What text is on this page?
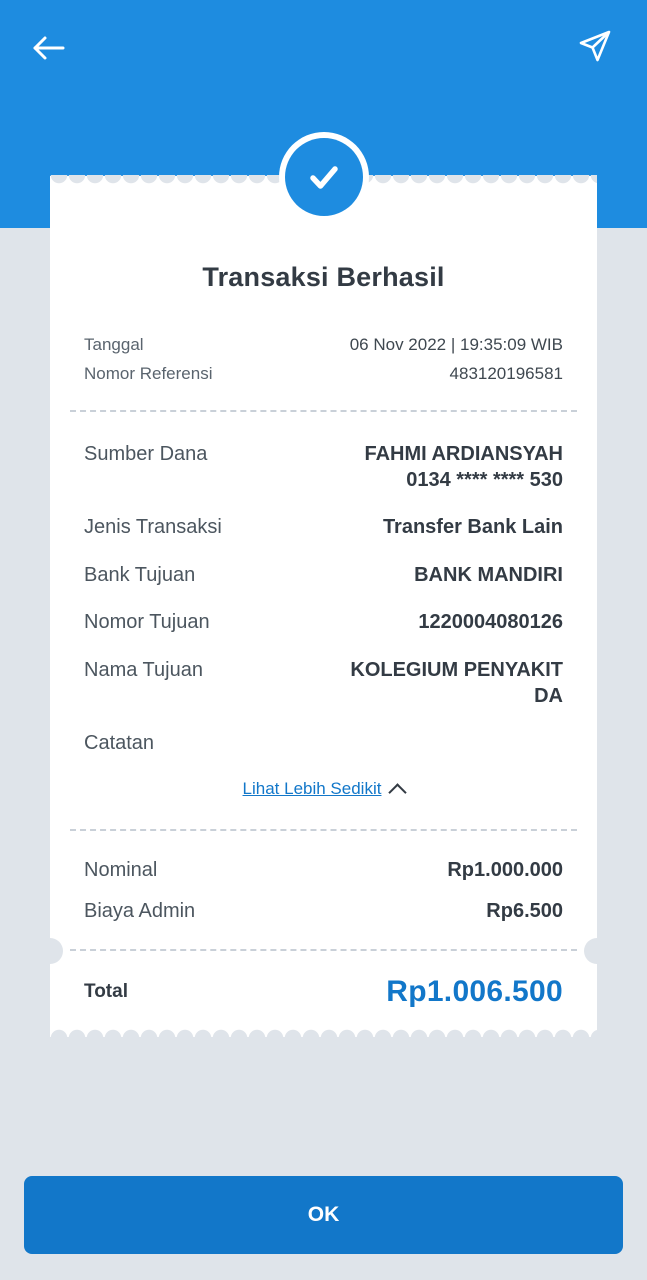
Transaksi Berhasil
Tanggal	06 Nov 2022 | 19:35:09 WIB
Nomor Referensi	483120196581
Sumber Dana	FAHMI ARDIANSYAH
0134 **** **** 530
Jenis Transaksi	Transfer Bank Lain
Bank Tujuan	BANK MANDIRI
Nomor Tujuan	1220004080126
Nama Tujuan	KOLEGIUM PENYAKIT
DA
Catatan
Lihat Lebih Sedikit
Nominal	Rp1.000.000
Biaya Admin	Rp6.500
Total	Rp1.006.500
OK
